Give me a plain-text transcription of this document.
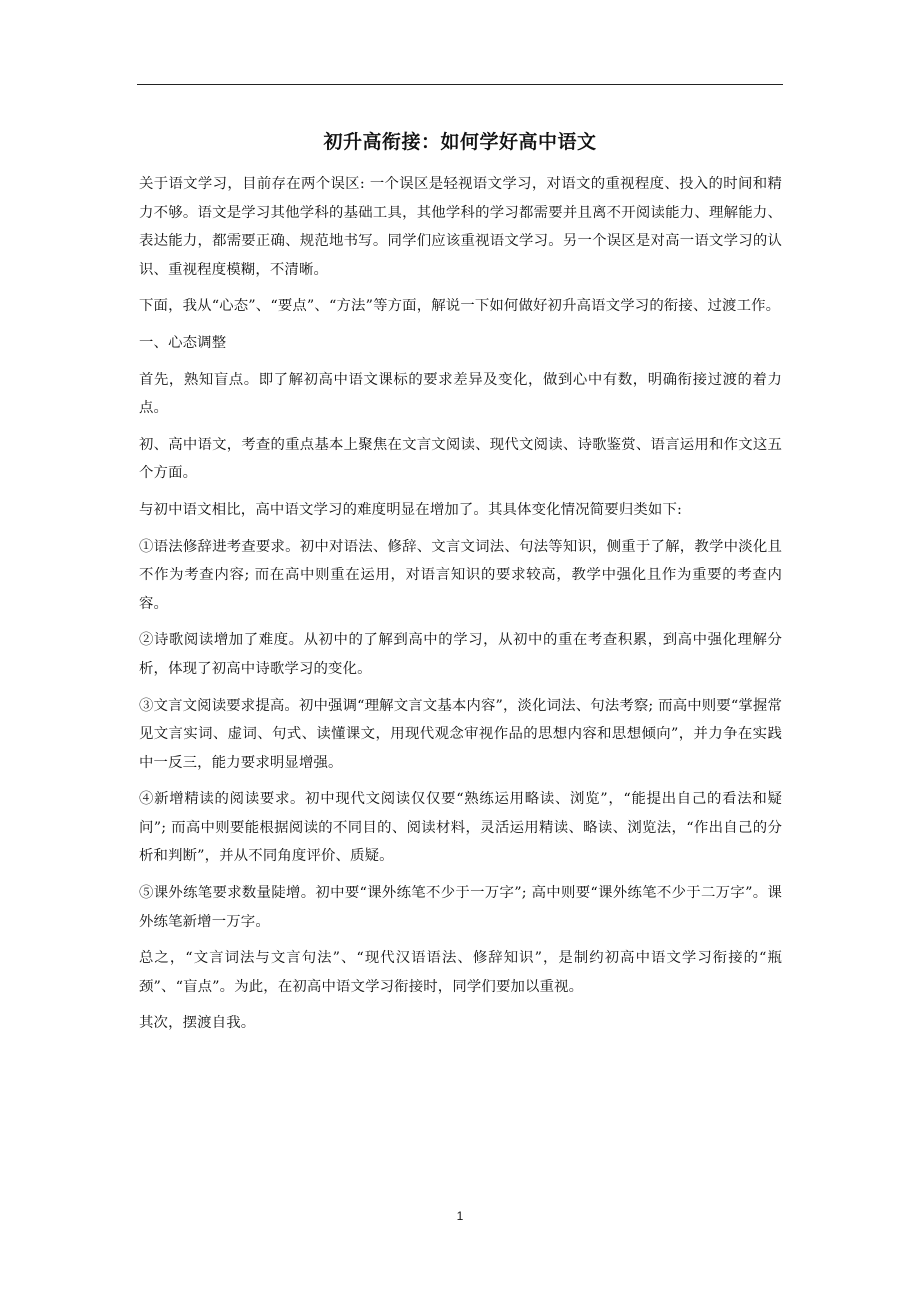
初升高衔接：如何学好高中语文

关于语文学习，目前存在两个误区: 一个误区是轻视语文学习，对语文的重视程度、投入的时间和精力不够。语文是学习其他学科的基础工具，其他学科的学习都需要并且离不开阅读能力、理解能力、表达能力，都需要正确、规范地书写。同学们应该重视语文学习。另一个误区是对高一语文学习的认识、重视程度模糊，不清晰。

下面，我从“心态”、“要点”、“方法”等方面，解说一下如何做好初升高语文学习的衔接、过渡工作。

一、心态调整

首先，熟知盲点。即了解初高中语文课标的要求差异及变化，做到心中有数，明确衔接过渡的着力点。

初、高中语文，考查的重点基本上聚焦在文言文阅读、现代文阅读、诗歌鉴赏、语言运用和作文这五个方面。

与初中语文相比，高中语文学习的难度明显在增加了。其具体变化情况简要归类如下:

①语法修辞进考查要求。初中对语法、修辞、文言文词法、句法等知识，侧重于了解，教学中淡化且不作为考查内容; 而在高中则重在运用，对语言知识的要求较高，教学中强化且作为重要的考查内容。

②诗歌阅读增加了难度。从初中的了解到高中的学习，从初中的重在考查积累，到高中强化理解分析，体现了初高中诗歌学习的变化。

③文言文阅读要求提高。初中强调“理解文言文基本内容”，淡化词法、句法考察; 而高中则要“掌握常见文言实词、虚词、句式、读懂课文，用现代观念审视作品的思想内容和思想倾向”，并力争在实践中一反三，能力要求明显增强。

④新增精读的阅读要求。初中现代文阅读仅仅要“熟练运用略读、浏览”，“能提出自己的看法和疑问”; 而高中则要能根据阅读的不同目的、阅读材料，灵活运用精读、略读、浏览法，“作出自己的分析和判断”，并从不同角度评价、质疑。

⑤课外练笔要求数量陡增。初中要“课外练笔不少于一万字”; 高中则要“课外练笔不少于二万字”。课外练笔新增一万字。

总之，“文言词法与文言句法”、“现代汉语语法、修辞知识”，是制约初高中语文学习衔接的“瓶颈”、“盲点”。为此，在初高中语文学习衔接时，同学们要加以重视。

其次，摆渡自我。

1
